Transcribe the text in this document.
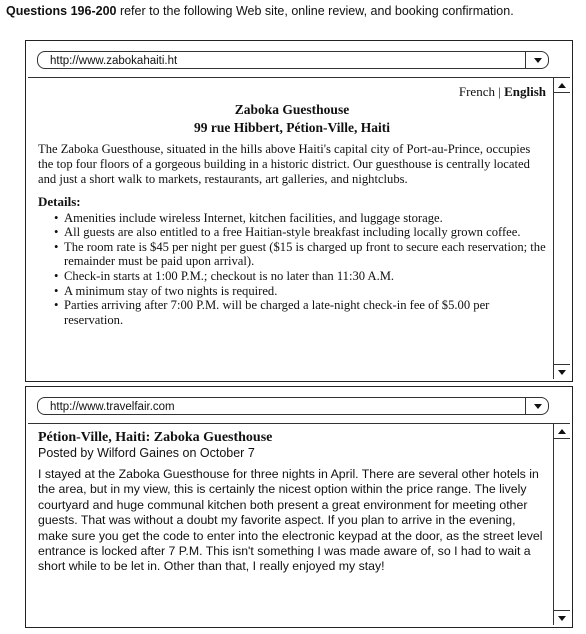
Questions 196-200 refer to the following Web site, online review, and booking confirmation.
http://www.zabokahaiti.ht
French | English
Zaboka Guesthouse
99 rue Hibbert, Pétion-Ville, Haiti
The Zaboka Guesthouse, situated in the hills above Haiti's capital city of Port-au-Prince, occupies the top four floors of a gorgeous building in a historic district. Our guesthouse is centrally located and just a short walk to markets, restaurants, art galleries, and nightclubs.
Details:
• Amenities include wireless Internet, kitchen facilities, and luggage storage.
• All guests are also entitled to a free Haitian-style breakfast including locally grown coffee.
• The room rate is $45 per night per guest ($15 is charged up front to secure each reservation; the remainder must be paid upon arrival).
• Check-in starts at 1:00 P.M.; checkout is no later than 11:30 A.M.
• A minimum stay of two nights is required.
• Parties arriving after 7:00 P.M. will be charged a late-night check-in fee of $5.00 per reservation.
http://www.travelfair.com
Pétion-Ville, Haiti: Zaboka Guesthouse
Posted by Wilford Gaines on October 7
I stayed at the Zaboka Guesthouse for three nights in April. There are several other hotels in the area, but in my view, this is certainly the nicest option within the price range. The lively courtyard and huge communal kitchen both present a great environment for meeting other guests. That was without a doubt my favorite aspect. If you plan to arrive in the evening, make sure you get the code to enter into the electronic keypad at the door, as the street level entrance is locked after 7 P.M. This isn't something I was made aware of, so I had to wait a short while to be let in. Other than that, I really enjoyed my stay!
